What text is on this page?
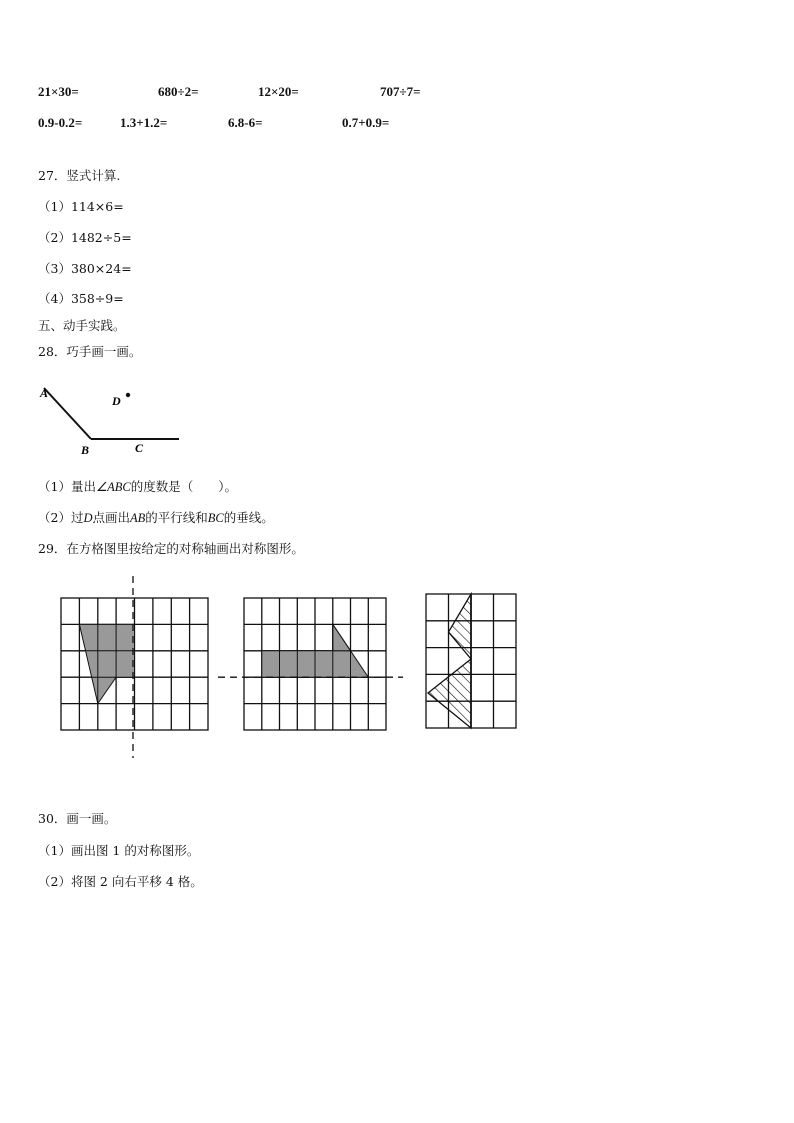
21×30=	680÷2=	12×20=	707÷7=
0.9-0.2=	1.3+1.2=	6.8-6=	0.7+0.9=
27．竖式计算.
（1）114×6=
（2）1482÷5=
（3）380×24=
（4）358÷9=
五、动手实践。
28．巧手画一画。
A
D
B	C
（1）量出∠ABC的度数是（　　）。
（2）过D点画出AB的平行线和BC的垂线。
29．在方格图里按给定的对称轴画出对称图形。
30．画一画。
（1）画出图 1 的对称图形。
（2）将图 2 向右平移 4 格。
